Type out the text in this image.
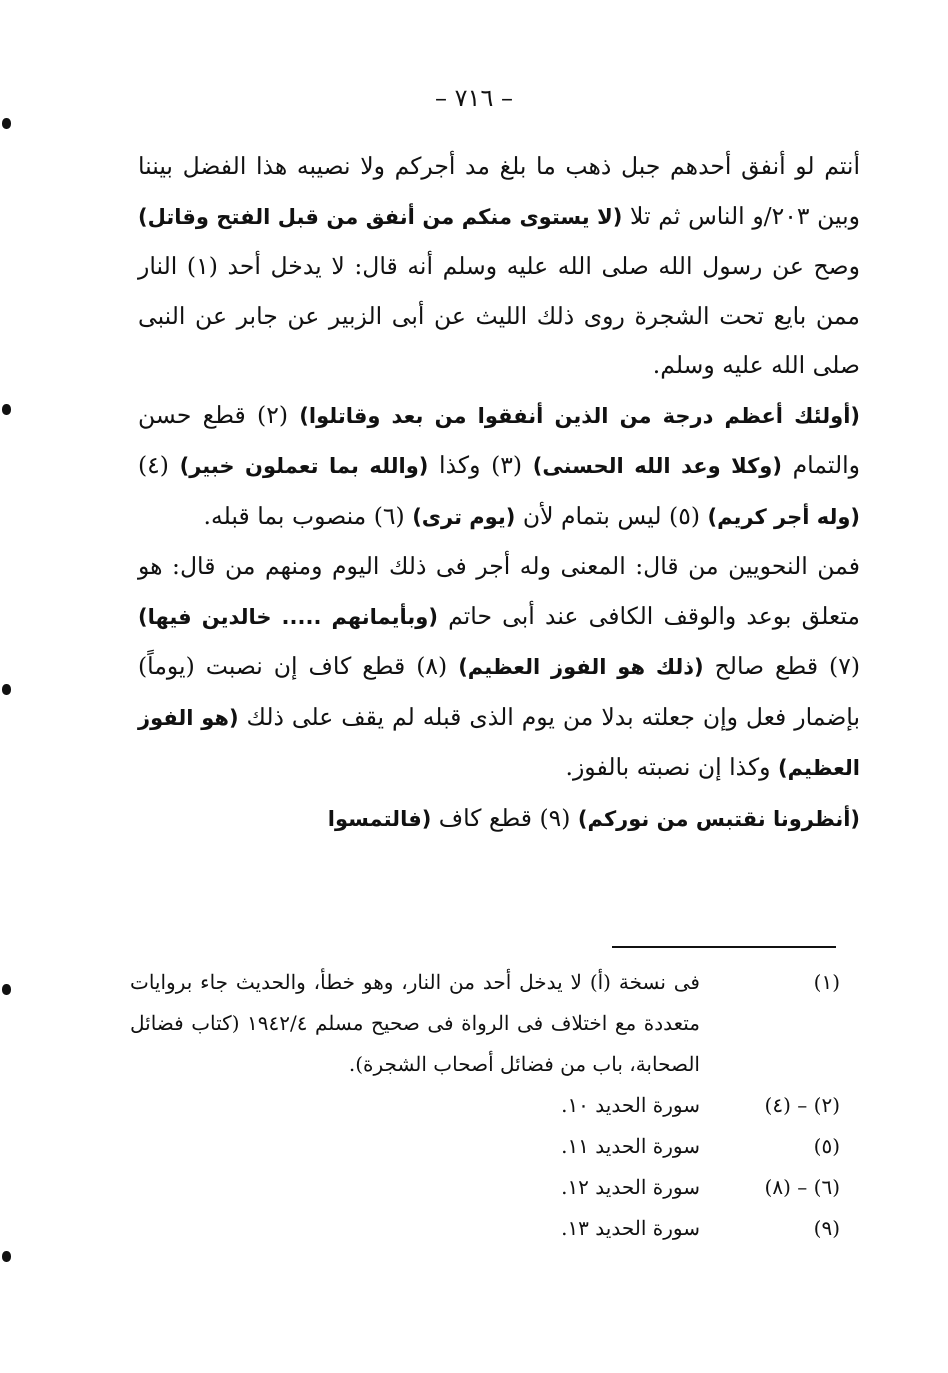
– ٧١٦ –

أنتم لو أنفق أحدهم جبل ذهب ما بلغ مد أجركم ولا نصيبه هذا الفضل بيننا وبين ٢٠٣/و الناس ثم تلا (لا يستوى منكم من أنفق من قبل الفتح وقاتل) وصح عن رسول الله صلى الله عليه وسلم أنه قال: لا يدخل أحد (١) النار ممن بايع تحت الشجرة روى ذلك الليث عن أبى الزبير عن جابر عن النبى صلى الله عليه وسلم.

(أولئك أعظم درجة من الذين أنفقوا من بعد وقاتلوا) (٢) قطع حسن والتمام (وكلا وعد الله الحسنى) (٣) وكذا (والله بما تعملون خبير) (٤) (وله أجر كريم) (٥) ليس بتمام لأن (يوم ترى) (٦) منصوب بما قبله.

فمن النحويين من قال: المعنى وله أجر فى ذلك اليوم ومنهم من قال: هو متعلق بوعد والوقف الكافى عند أبى حاتم (وبأيمانهم ..... خالدين فيها) (٧) قطع صالح (ذلك هو الفوز العظيم) (٨) قطع كاف إن نصبت (يوماً) بإضمار فعل وإن جعلته بدلا من يوم الذى قبله لم يقف على ذلك (هو الفوز العظيم) وكذا إن نصبته بالفوز.

(أنظرونا نقتبس من نوركم) (٩) قطع كاف (فالتمسوا

(١)
فى نسخة (أ) لا يدخل أحد من النار، وهو خطأ، والحديث جاء بروايات متعددة مع اختلاف فى الرواة فى صحيح مسلم ١٩٤٢/٤ (كتاب فضائل الصحابة، باب من فضائل أصحاب الشجرة).
(٢) – (٤)
سورة الحديد ١٠.
(٥)
سورة الحديد ١١.
(٦) – (٨)
سورة الحديد ١٢.
(٩)
سورة الحديد ١٣.
